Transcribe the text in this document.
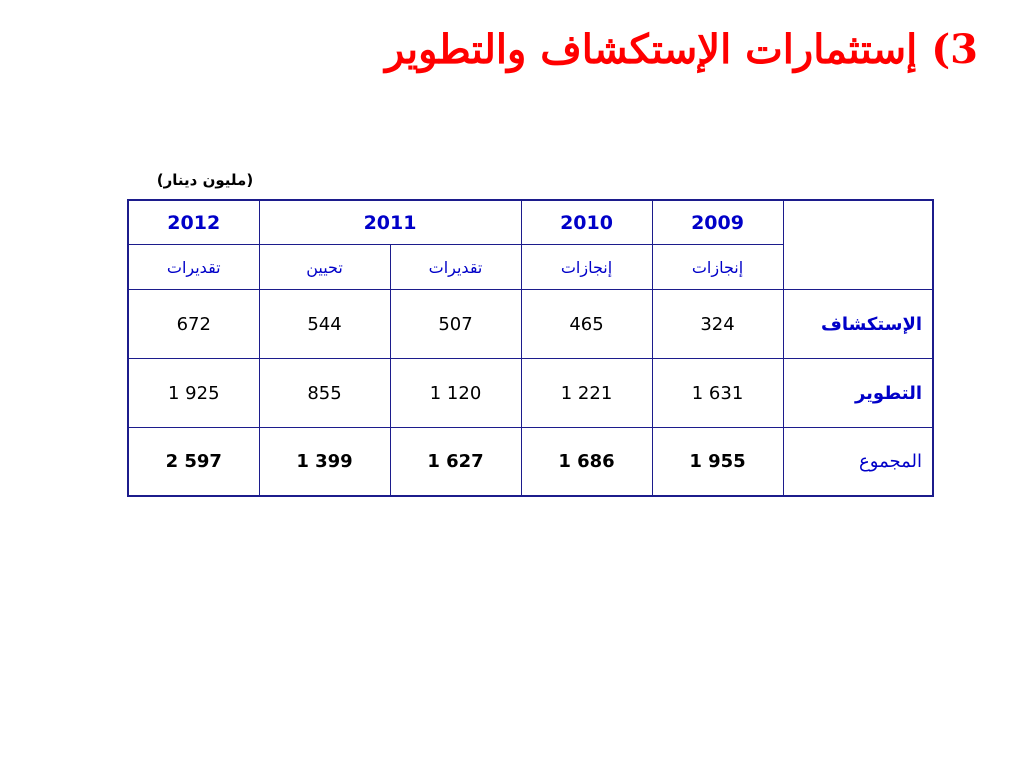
3) إستثمارات الإستكشاف والتطوير
(مليون دينار)
2012	2011		2010	2009	
تقديرات	تحيين	تقديرات	إنجازات	إنجازات	
672	544	507	465	324	الإستكشاف
1 925	855	1 120	1 221	1 631	التطوير
2 597	1 399	1 627	1 686	1 955	المجموع
